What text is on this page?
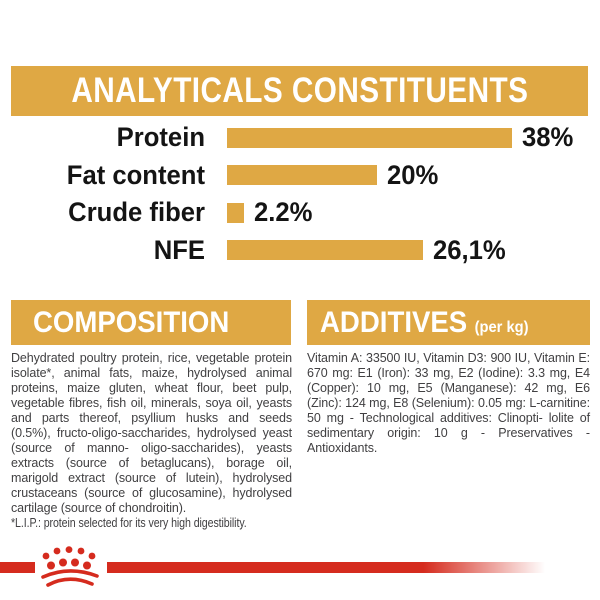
ANALYTICALS CONSTITUENTS
Protein	38%
Fat content	20%
Crude fiber 2.2%
NFE	26,1%
COMPOSITION	ADDITIVES (per kg)

Dehydrated poultry protein, rice, vegetable protein isolate*, animal fats, maize, hydrolysed animal proteins, maize gluten, wheat flour, beet pulp, vegetable fibres, fish oil, minerals, soya oil, yeasts and parts thereof, psyllium husks and seeds (0.5%), fructo-oligo-saccharides, hydrolysed yeast (source of manno- oligo-saccharides), yeasts extracts (source of betaglucans), borage oil, marigold extract (source of lutein), hydrolysed crustaceans (source of glucosamine), hydrolysed cartilage (source of chondroitin).

*L.I.P.: protein selected for its very high digestibility.

Vitamin A: 33500 IU, Vitamin D3: 900 IU, Vitamin E: 670 mg: E1 (Iron): 33 mg, E2 (Iodine): 3.3 mg, E4 (Copper): 10 mg, E5 (Manganese): 42 mg, E6 (Zinc): 124 mg, E8 (Selenium): 0.05 mg: L-carnitine: 50 mg - Technological additives: Clinopti- lolite of sedimentary origin: 10 g - Preservatives - Antioxidants.
